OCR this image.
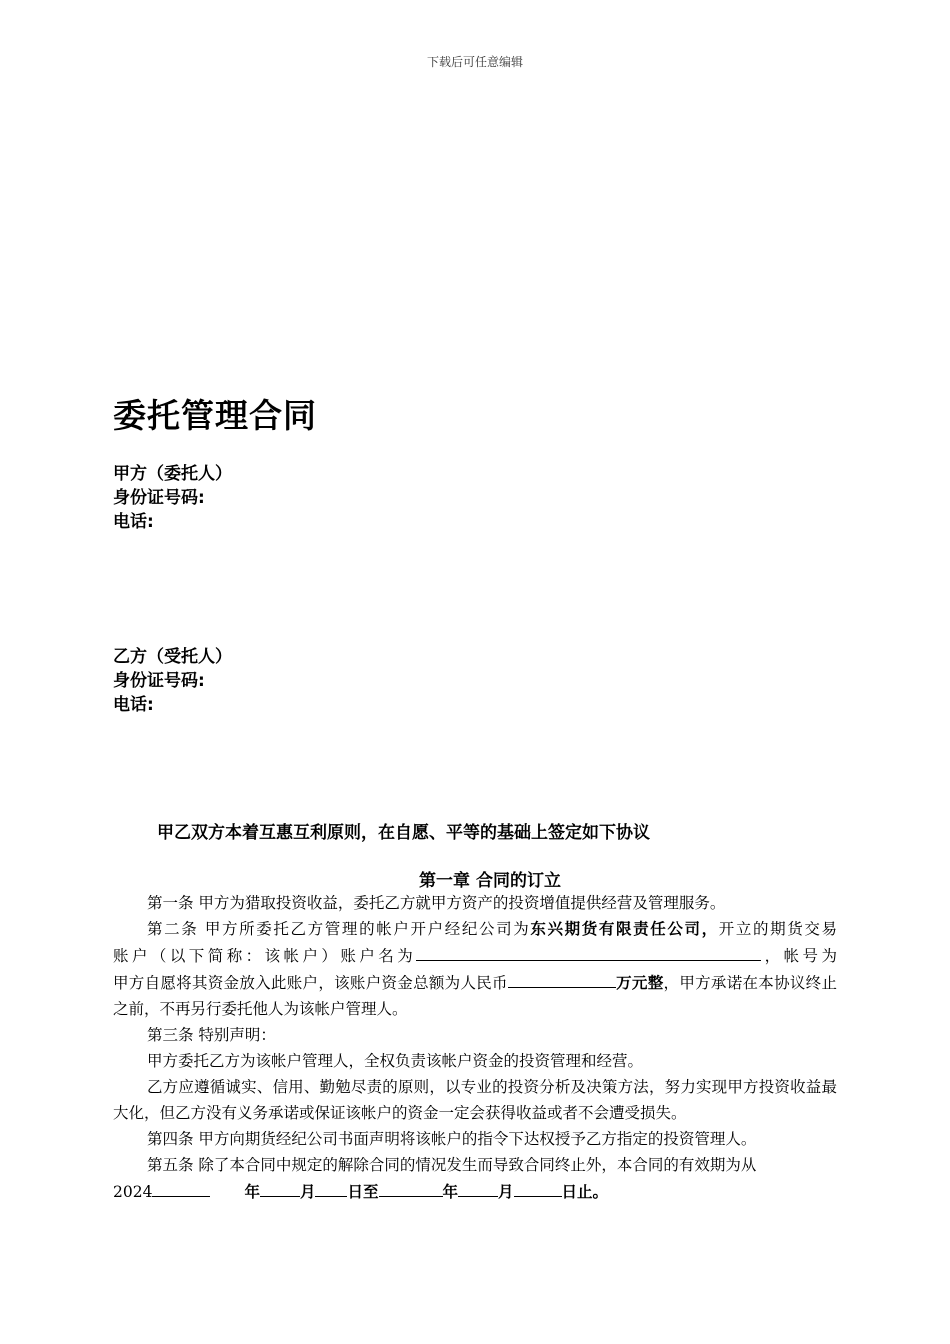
下载后可任意编辑
委托管理合同
甲方（委托人）
身份证号码:
电话:
乙方（受托人）
身份证号码:
电话:
甲乙双方本着互惠互利原则，在自愿、平等的基础上签定如下协议
第一章 合同的订立

第一条 甲方为猎取投资收益，委托乙方就甲方资产的投资增值提供经营及管理服务。

第二条 甲方所委托乙方管理的帐户开户经纪公司为东兴期货有限责任公司，开立的期货交易

账户（以下简称：该帐户）账户名为	，帐号为

甲方自愿将其资金放入此账户，该账户资金总额为人民币	万元整，甲方承诺在本协议终止之前，不再另行委托他人为该帐户管理人。

第三条 特别声明：

甲方委托乙方为该帐户管理人，全权负责该帐户资金的投资管理和经营。

乙方应遵循诚实、信用、勤勉尽责的原则，以专业的投资分析及决策方法，努力实现甲方投资收益最大化，但乙方没有义务承诺或保证该帐户的资金一定会获得收益或者不会遭受损失。

第四条 甲方向期货经纪公司书面声明将该帐户的指令下达权授予乙方指定的投资管理人。

第五条 除了本合同中规定的解除合同的情况发生而导致合同终止外，本合同的有效期为从

2024	年	月 日至	年	月	日止。
